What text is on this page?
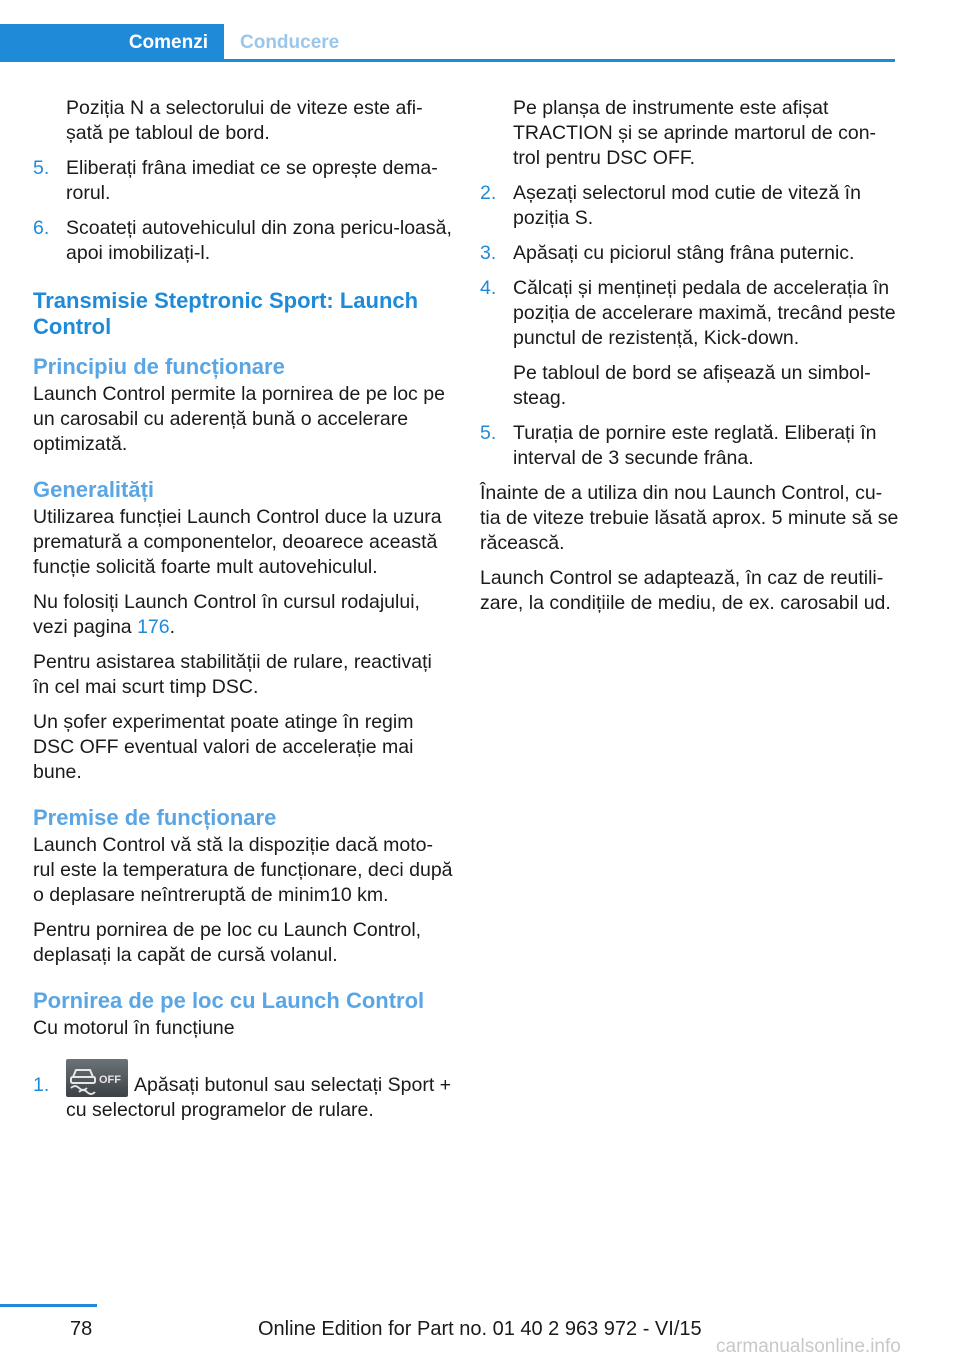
Comenzi	Conducere

Poziția N a selectorului de viteze este afi-șată pe tabloul de bord.

5. Eliberați frâna imediat ce se oprește dema-rorul.
6. Scoateți autovehiculul din zona pericu-loasă, apoi imobilizați-l.
Transmisie Steptronic Sport: Launch Control
Principiu de funcționare

Launch Control permite la pornirea de pe loc pe un carosabil cu aderență bună o accelerare optimizată.

Generalități

Utilizarea funcției Launch Control duce la uzura prematură a componentelor, deoarece această funcție solicită foarte mult autovehiculul.

Nu folosiți Launch Control în cursul rodajului, vezi pagina 176.

Pentru asistarea stabilității de rulare, reactivați în cel mai scurt timp DSC.

Un șofer experimentat poate atinge în regim DSC OFF eventual valori de accelerație mai bune.

Premise de funcționare

Launch Control vă stă la dispoziție dacă moto-rul este la temperatura de funcționare, deci după o deplasare neîntreruptă de minim10 km.

Pentru pornirea de pe loc cu Launch Control, deplasați la capăt de cursă volanul.

Pornirea de pe loc cu Launch Control

Cu motorul în funcțiune

1.	OFF Apăsați butonul sau selectați Sport + cu selectorul programelor de rulare.

Pe planșa de instrumente este afișat TRACTION și se aprinde martorul de con-trol pentru DSC OFF.

2. Așezați selectorul mod cutie de viteză în poziția S.
3. Apăsați cu piciorul stâng frâna puternic.
4. Călcați și mențineți pedala de accelerația în poziția de accelerare maximă, trecând peste punctul de rezistență, Kick-down.

Pe tabloul de bord se afișează un simbol-steag.

5. Turația de pornire este reglată. Eliberați în interval de 3 secunde frâna.

Înainte de a utiliza din nou Launch Control, cu-tia de viteze trebuie lăsată aprox. 5 minute să se răcească.

Launch Control se adaptează, în caz de reutili-zare, la condițiile de mediu, de ex. carosabil ud.

78	Online Edition for Part no. 01 40 2 963 972 - VI/15
carmanualsonline.info
